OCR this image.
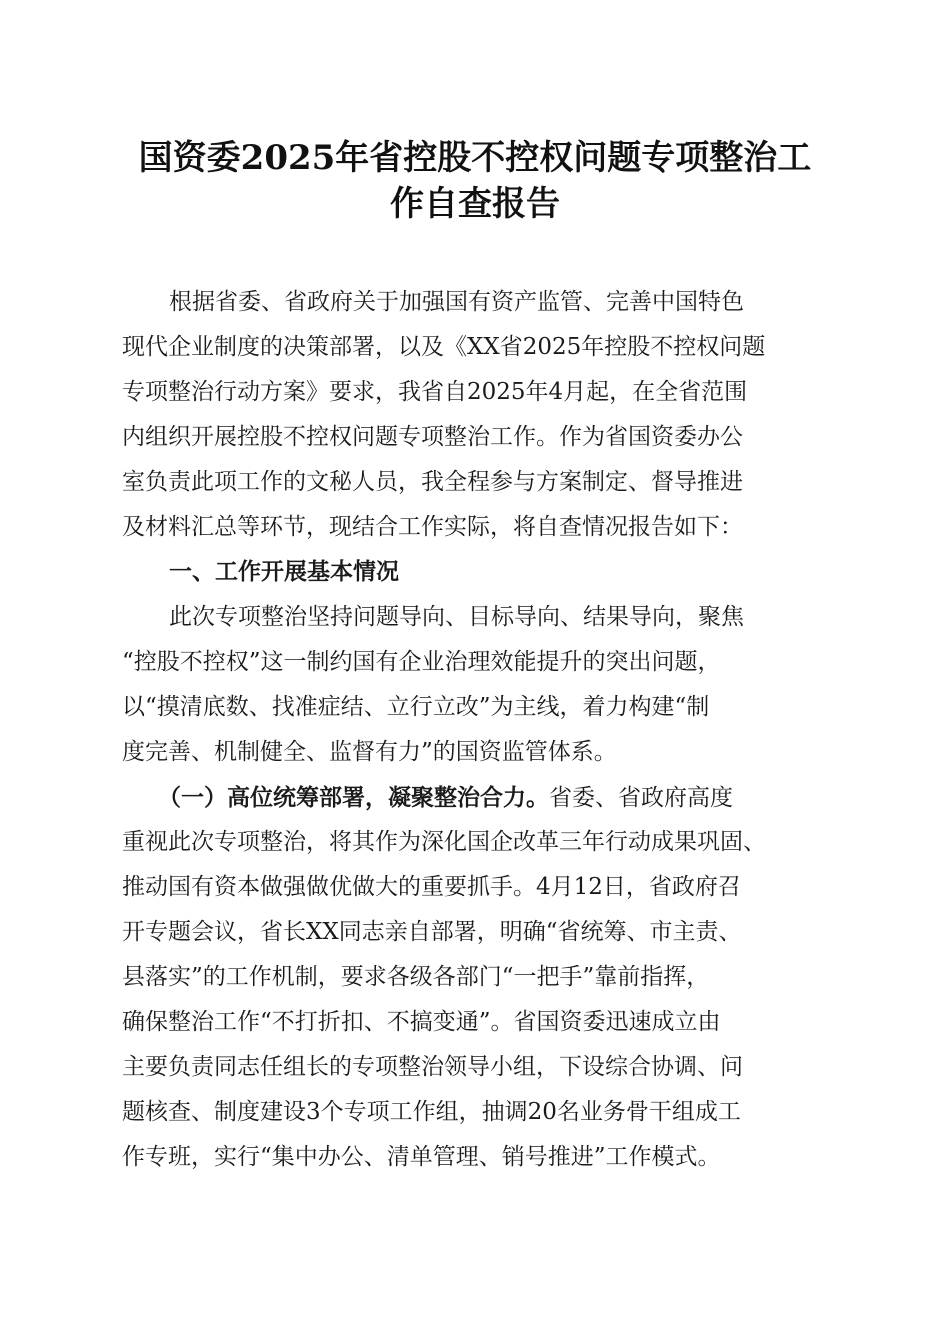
国资委2025年省控股不控权问题专项整治工
作自查报告
根据省委、省政府关于加强国有资产监管、完善中国特色
现代企业制度的决策部署，以及《XX省2025年控股不控权问题
专项整治行动方案》要求，我省自2025年4月起，在全省范围
内组织开展控股不控权问题专项整治工作。作为省国资委办公
室负责此项工作的文秘人员，我全程参与方案制定、督导推进
及材料汇总等环节，现结合工作实际，将自查情况报告如下：
一、工作开展基本情况
此次专项整治坚持问题导向、目标导向、结果导向，聚焦
“控股不控权”这一制约国有企业治理效能提升的突出问题，
以“摸清底数、找准症结、立行立改”为主线，着力构建“制
度完善、机制健全、监督有力”的国资监管体系。
（一）高位统筹部署，凝聚整治合力。省委、省政府高度
重视此次专项整治，将其作为深化国企改革三年行动成果巩固、
推动国有资本做强做优做大的重要抓手。4月12日，省政府召
开专题会议，省长XX同志亲自部署，明确“省统筹、市主责、
县落实”的工作机制，要求各级各部门“一把手”靠前指挥，
确保整治工作“不打折扣、不搞变通”。省国资委迅速成立由
主要负责同志任组长的专项整治领导小组，下设综合协调、问
题核查、制度建设3个专项工作组，抽调20名业务骨干组成工
作专班，实行“集中办公、清单管理、销号推进”工作模式。
